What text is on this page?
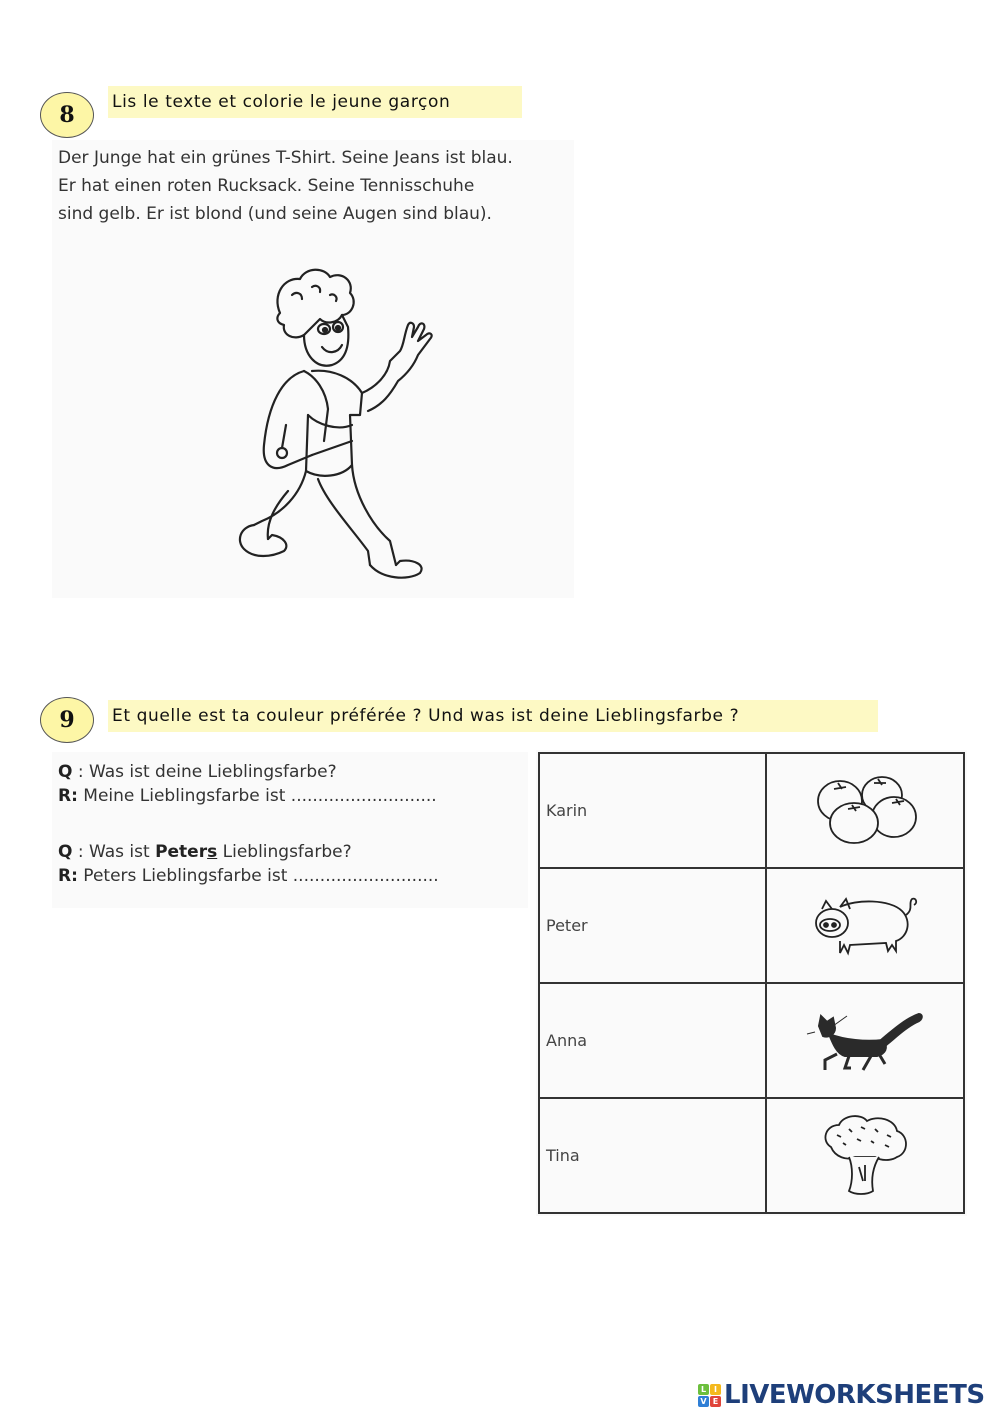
8 Lis le texte et colorie le jeune garçon
Der Junge hat ein grünes T-Shirt. Seine Jeans ist blau.
Er hat einen roten Rucksack. Seine Tennisschuhe
sind gelb. Er ist blond (und seine Augen sind blau).
9 Et quelle est ta couleur préférée ? Und was ist deine Lieblingsfarbe ?
Q : Was ist deine Lieblingsfarbe?
R: Meine Lieblingsfarbe ist ...........................
Q : Was ist Peters Lieblingsfarbe?
R: Peters Lieblingsfarbe ist ...........................
Karin	
Peter	
Anna	
Tina	
L I
V E LIVEWORKSHEETS
